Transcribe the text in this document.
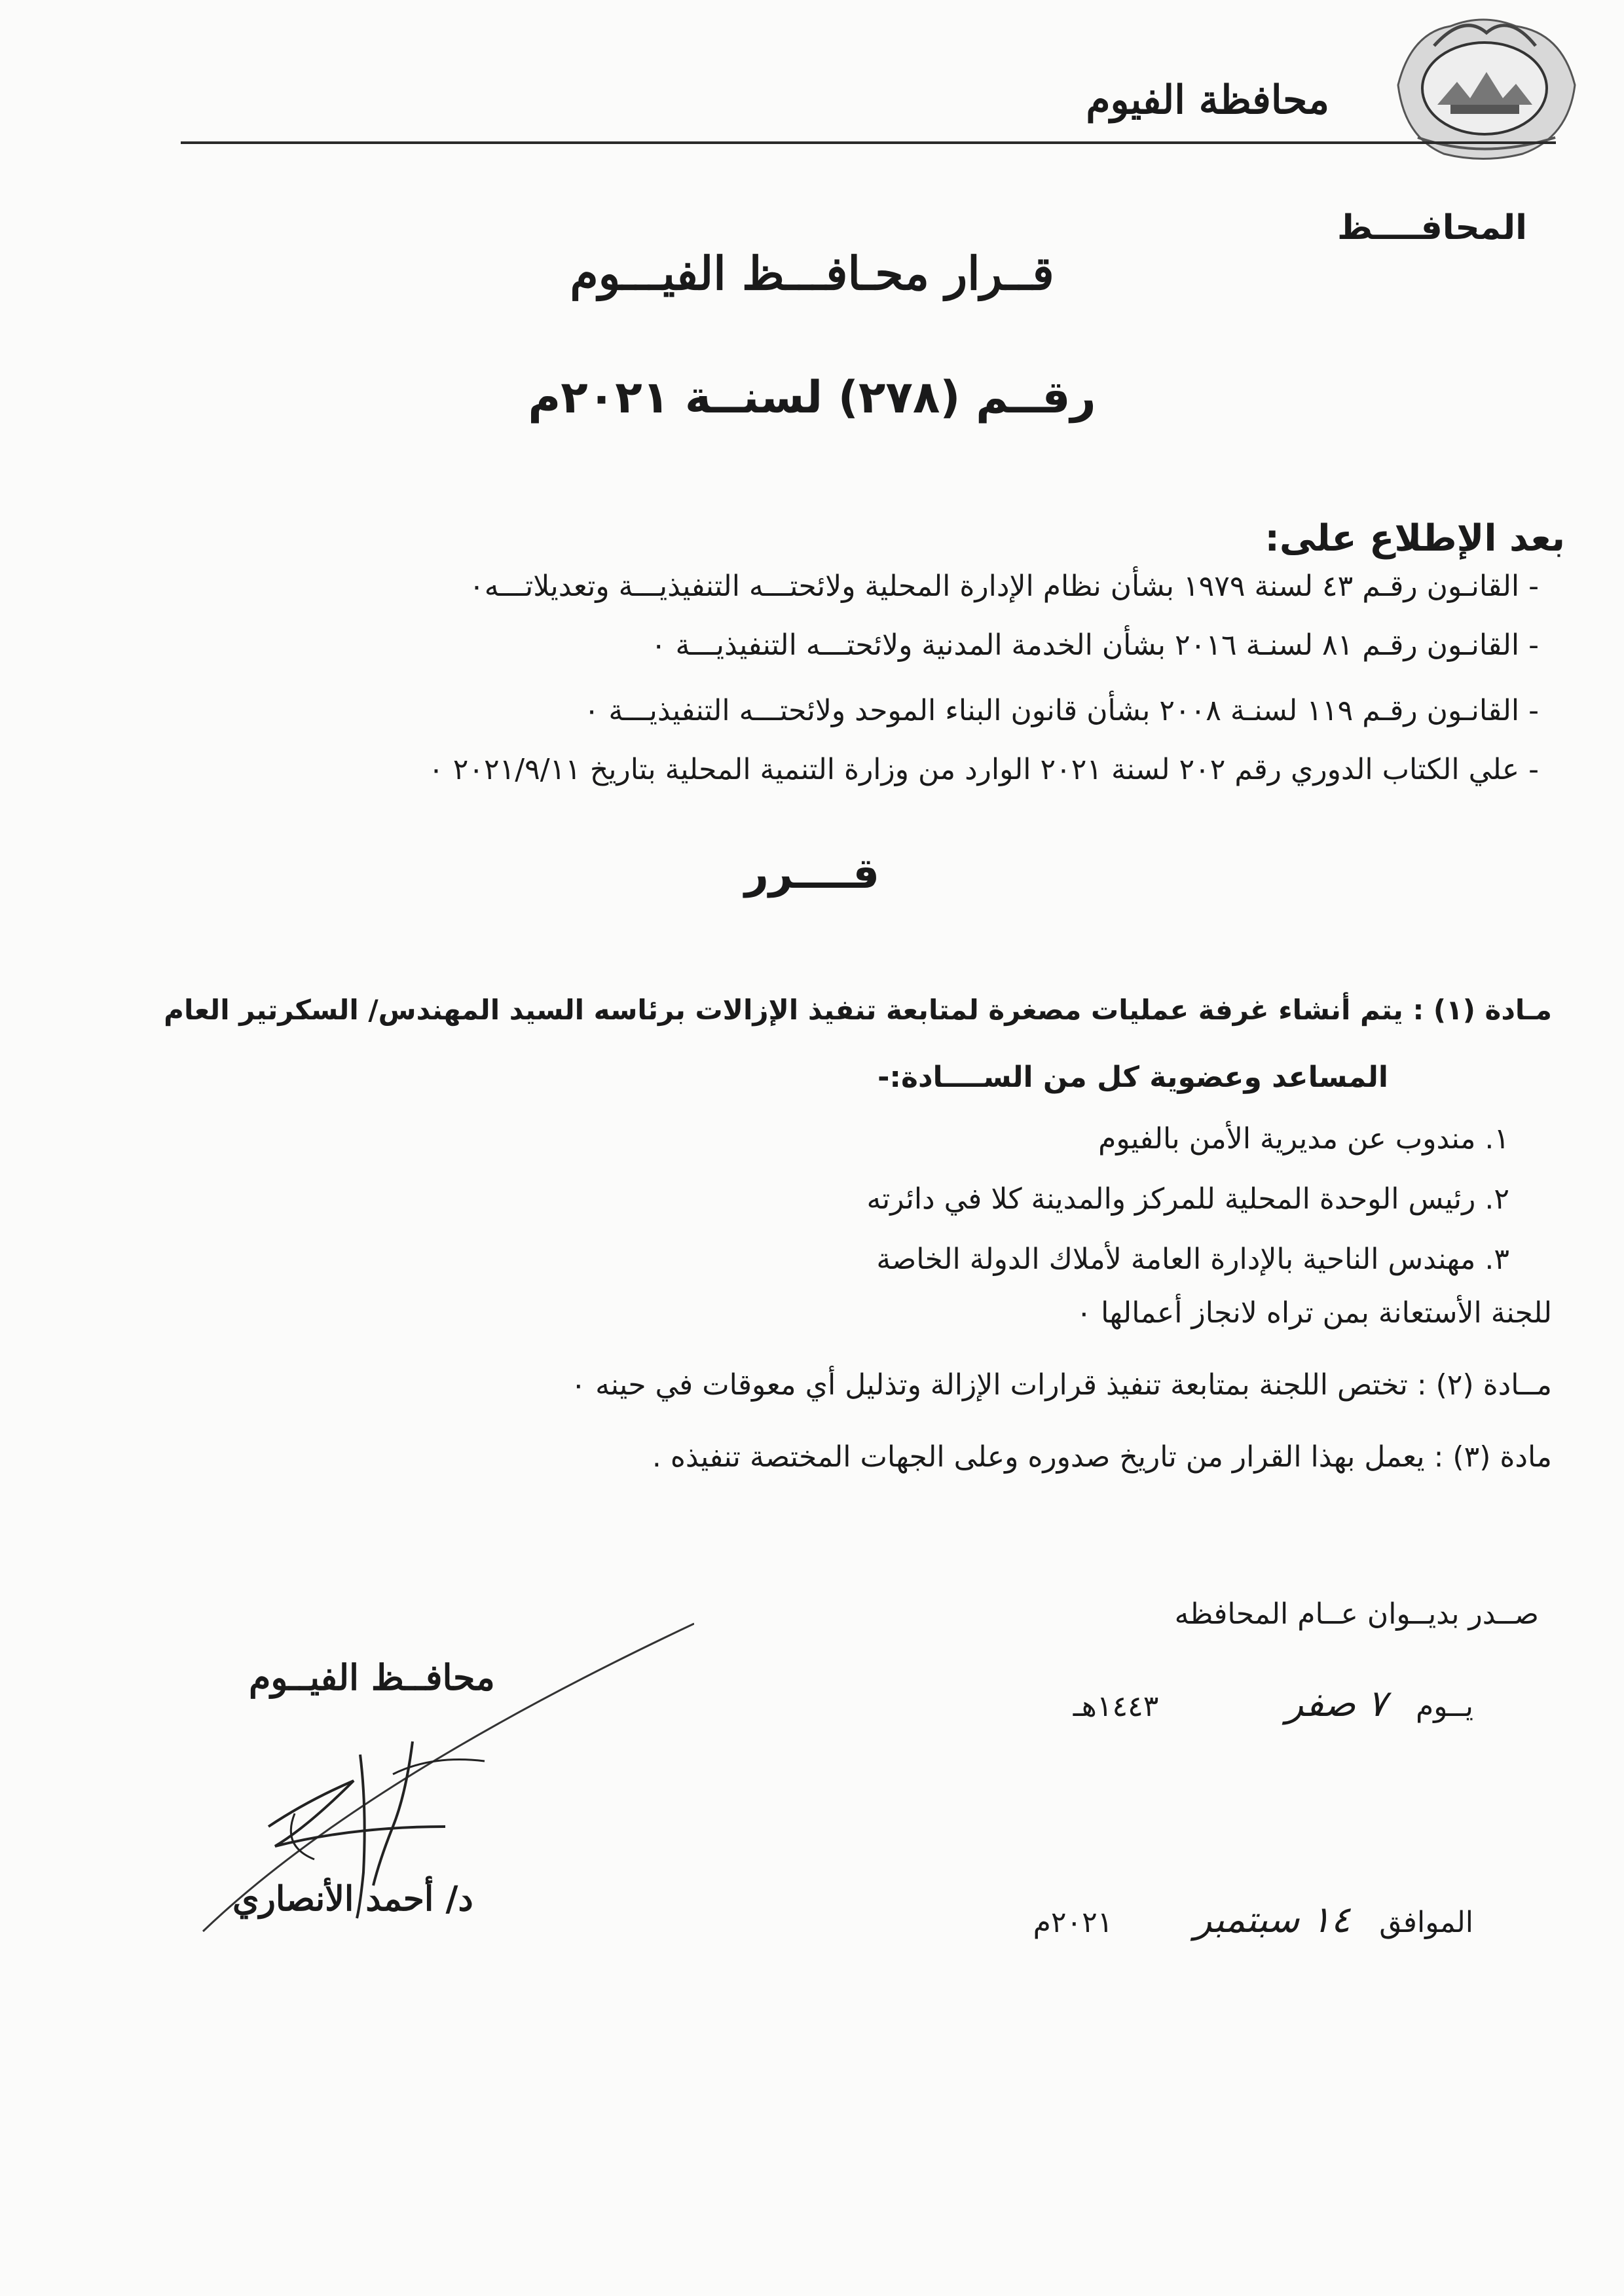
محافظة الفيوم
المحافــــظ
قــرار محـافـــظ الفيـــوم
رقــم (٢٧٨) لسنــة ٢٠٢١م
بعد الإطلاع على:
- القانـون رقـم ٤٣ لسنة ١٩٧٩ بشأن نظام الإدارة المحلية ولائحتـــه التنفيذيـــة وتعديلاتـــه٠
- القانـون رقـم ٨١ لسنـة ٢٠١٦ بشأن الخدمة المدنية ولائحتـــه التنفيذيـــة ٠
- القانـون رقـم ١١٩ لسنـة ٢٠٠٨ بشأن قانون البناء الموحد ولائحتـــه التنفيذيـــة ٠
- علي الكتاب الدوري رقم ٢٠٢ لسنة ٢٠٢١ الوارد من وزارة التنمية المحلية بتاريخ ٢٠٢١/٩/١١ ٠
قــــرر
مـادة (١) : يتم أنشاء غرفة عمليات مصغرة لمتابعة تنفيذ الإزالات برئاسه السيد المهندس/ السكرتير العام
المساعد وعضوية كل من الســــادة:-
١. مندوب عن مديرية الأمن بالفيوم
٢. رئيس الوحدة المحلية للمركز والمدينة كلا في دائرته
٣. مهندس الناحية بالإدارة العامة لأملاك الدولة الخاصة
للجنة الأستعانة بمن تراه لانجاز أعمالها ٠
مــادة (٢) : تختص اللجنة بمتابعة تنفيذ قرارات الإزالة وتذليل أي معوقات في حينه ٠
مادة (٣) : يعمل بهذا القرار من تاريخ صدوره وعلى الجهات المختصة تنفيذه .
صــدر بديــوان عــام المحافظه
يــوم ٧ صفر ١٤٤٣هـ
الموافق ١٤ سبتمبر ٢٠٢١م
محافــظ الفيــوم
د/ أحمد الأنصاري
